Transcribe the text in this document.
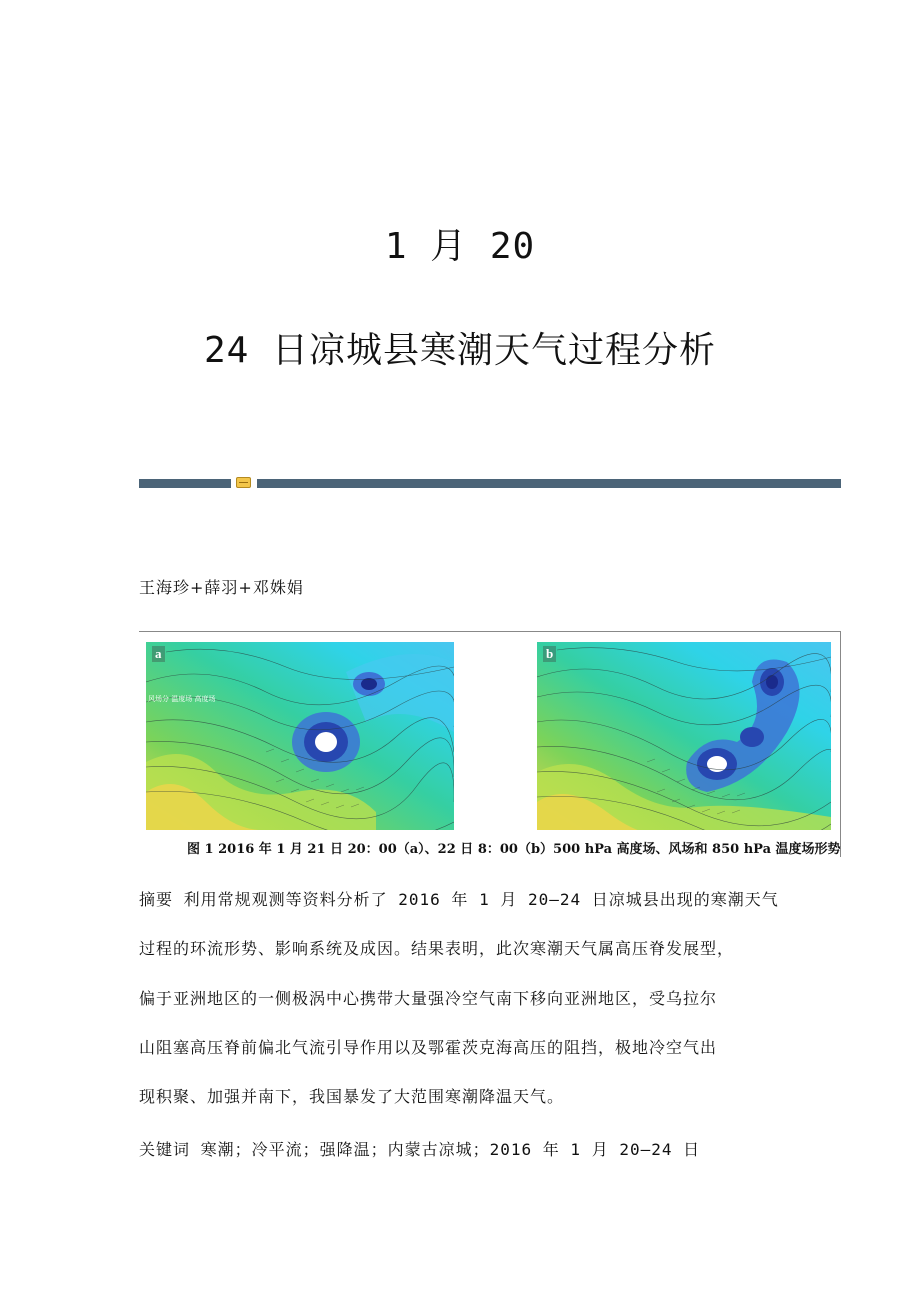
1 月 20
24 日凉城县寒潮天气过程分析
王海珍+薛羽+邓姝娟
a
风场分 温度场 高度场
b
图 1 2016 年 1 月 21 日 20：00（a）、22 日 8：00（b）500 hPa 高度场、风场和 850 hPa 温度场形势
摘要 利用常规观测等资料分析了 2016 年 1 月 20—24 日凉城县出现的寒潮天气
过程的环流形势、影响系统及成因。结果表明，此次寒潮天气属高压脊发展型，
偏于亚洲地区的一侧极涡中心携带大量强冷空气南下移向亚洲地区，受乌拉尔
山阻塞高压脊前偏北气流引导作用以及鄂霍茨克海高压的阻挡，极地冷空气出
现积聚、加强并南下，我国暴发了大范围寒潮降温天气。
关键词 寒潮；冷平流；强降温；内蒙古凉城；2016 年 1 月 20—24 日
